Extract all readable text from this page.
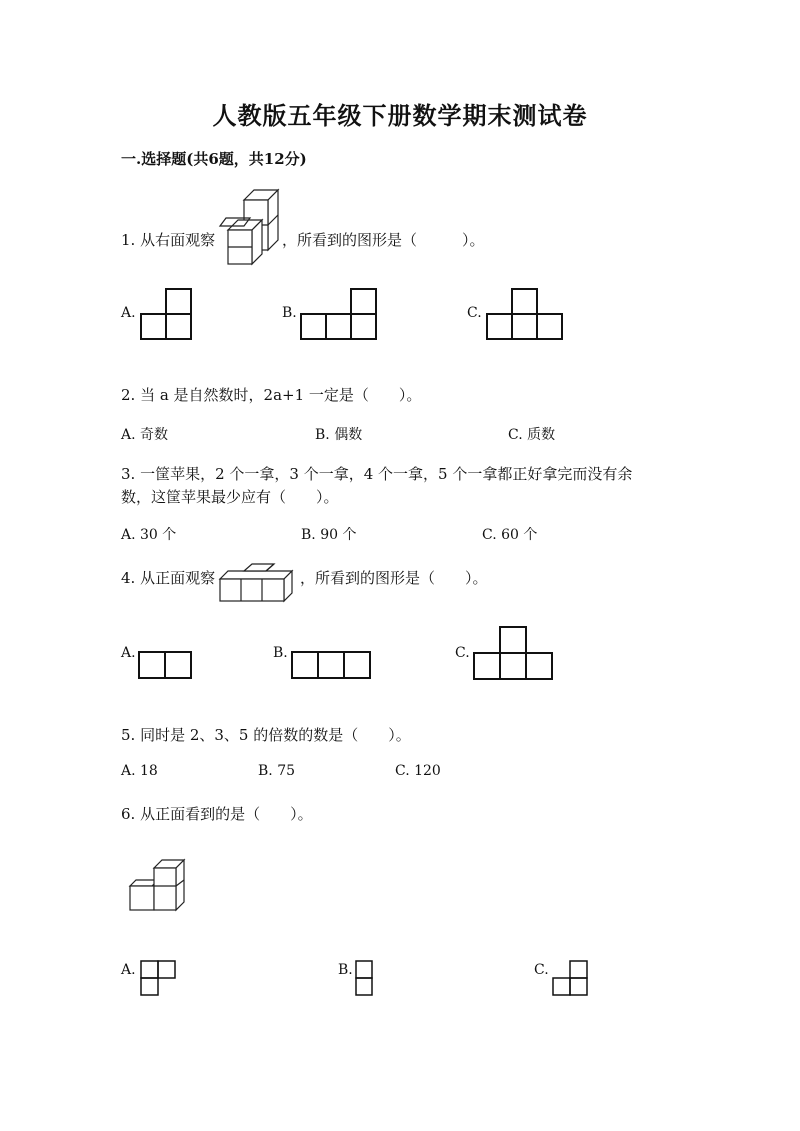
人教版五年级下册数学期末测试卷
一.选择题(共6题，共12分)
1. 从右面观察	，所看到的图形是（　　　）。
A.	B.	C.
2. 当 a 是自然数时，2a+1 一定是（　　）。
A. 奇数	B. 偶数	C. 质数
3. 一筐苹果，2 个一拿，3 个一拿，4 个一拿，5 个一拿都正好拿完而没有余
数，这筐苹果最少应有（　　）。
A. 30 个	B. 90 个	C. 60 个
4. 从正面观察	，所看到的图形是（　　）。
A.	B.	C.
5. 同时是 2、3、5 的倍数的数是（　　）。
A. 18	B. 75	C. 120
6. 从正面看到的是（　　）。
A.	B.	C.
